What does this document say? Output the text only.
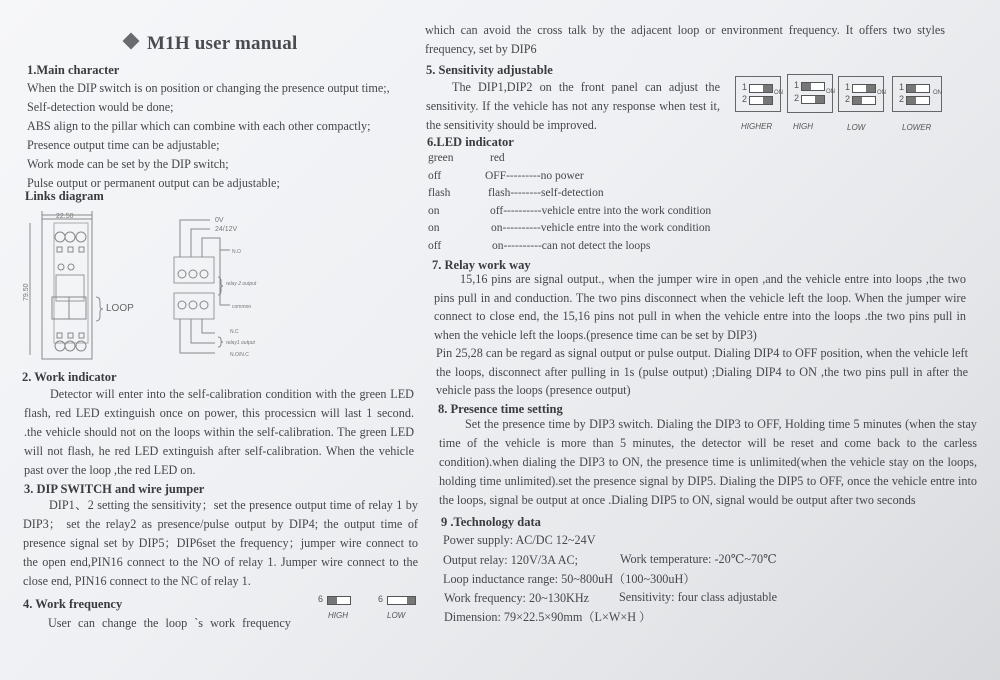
M1H user manual
1.Main character
When the DIP switch is on position or changing the presence output time;,
Self-detection would be done;
ABS align to the pillar which can combine with each other compactly;
Presence output time can be adjustable;
Work mode can be set by the DIP switch;
Pulse output or permanent output can be adjustable;
Links diagram
22.50
79.50
LOOP
0V
24/12V
N.O
relay 2 output
common
N.C
relay1 output
N.O/N.C
2. Work indicator
Detector will enter into the self-calibration condition with the green LED flash, red LED extinguish once on power, this processicn will last 1 second. .the vehicle should not on the loops within the self-calibration. The green LED will not flash, he red LED extinguish after self-calibration. When the vehicle past over the loop ,the red LED on.
3. DIP SWITCH and wire jumper
DIP1、2 setting the sensitivity；set the presence output time of relay 1 by DIP3； set the relay2 as presence/pulse output by DIP4; the output time of presence signal set by DIP5；DIP6set the frequency；jumper wire connect to the open end,PIN16 connect to the NO of relay 1. Jumper wire connect to the close end, PIN16 connect to the NC of relay 1.
4. Work frequency
User can change the loop `s work frequency
6
HIGH
6
LOW
which can avoid the cross talk by the adjacent loop or environment frequency. It offers two styles frequency, set by DIP6
5. Sensitivity adjustable
The DIP1,DIP2 on the front panel can adjust the sensitivity. If the vehicle has not any response when test it, the sensitivity should be improved.
1
2
ON
HIGHER
1
2
ON
HIGH
1
2
ON
LOW
1
2
ON
LOWER
6.LED indicator
green	red
off	OFF---------no power
flash	flash--------self-detection
on	off----------vehicle entre into the work condition
on	on----------vehicle entre into the work condition
off	on----------can not detect the loops
7. Relay work way
15,16 pins are signal output., when the jumper wire in open ,and the vehicle entre into loops ,the two pins pull in and conduction. The two pins disconnect when the vehicle left the loop. When the jumper wire connect to close end, the 15,16 pins not pull in when the vehicle entre into the loops .the two pins pull in when the vehicle left the loops.(presence time can be set by DIP3)
Pin 25,28 can be regard as signal output or pulse output. Dialing DIP4 to OFF position, when the vehicle left the loops, disconnect after pulling in 1s (pulse output) ;Dialing DIP4 to ON ,the two pins pull in after the vehicle pass the loops (presence output)
8. Presence time setting
Set the presence time by DIP3 switch. Dialing the DIP3 to OFF, Holding time 5 minutes (when the stay time of the vehicle is more than 5 minutes, the detector will be reset and come back to the carless condition).when dialing the DIP3 to ON, the presence time is unlimited(when the vehicle stay on the loops, holding time unlimited).set the presence signal by DIP5. Dialing the DIP5 to OFF, once the vehicle entre into the loops, signal be output at once .Dialing DIP5 to ON, signal would be output after two seconds
9 .Technology data
Power supply: AC/DC 12~24V
Output relay: 120V/3A AC;	Work temperature: -20℃~70℃
Loop inductance range: 50~800uH（100~300uH）
Work frequency: 20~130KHz Sensitivity: four class adjustable
Dimension: 79×22.5×90mm（L×W×H ）
